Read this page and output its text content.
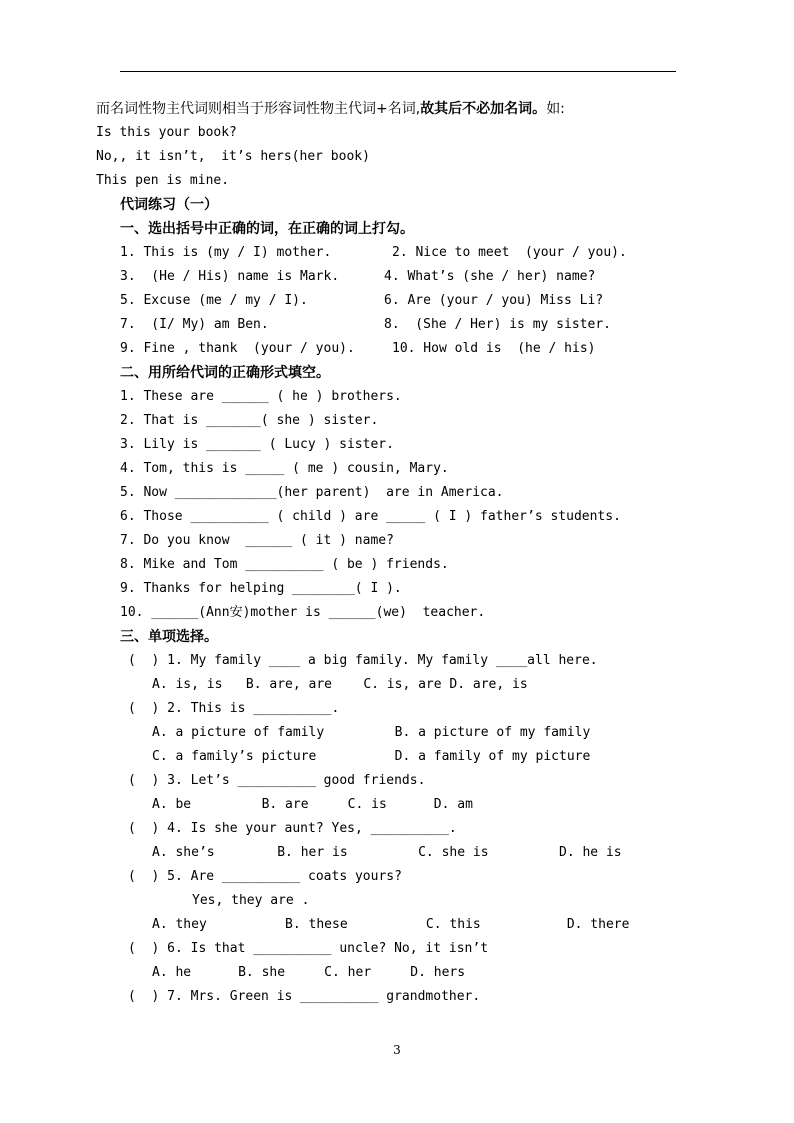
而名词性物主代词则相当于形容词性物主代词+名词,故其后不必加名词。如:
Is this your book?
No,, it isn’t,  it’s hers(her book)
This pen is mine.
代词练习（一）
一、选出括号中正确的词，在正确的词上打勾。
1. This is (my / I) mother.	2. Nice to meet  (your / you).
3.  (He / His) name is Mark.	4. What’s (she / her) name?
5. Excuse (me / my / I).	6. Are (your / you) Miss Li?
7.  (I/ My) am Ben.	8.  (She / Her) is my sister.
9. Fine , thank  (your / you).	10. How old is  (he / his)
二、用所给代词的正确形式填空。
1. These are ______ ( he ) brothers.
2. That is _______( she ) sister.
3. Lily is _______ ( Lucy ) sister.
4. Tom, this is _____ ( me ) cousin, Mary.
5. Now _____________(her parent)  are in America.
6. Those __________ ( child ) are _____ ( I ) father’s students.
7. Do you know  ______ ( it ) name?
8. Mike and Tom __________ ( be ) friends.
9. Thanks for helping ________( I ).
10. ______(Ann安)mother is ______(we)  teacher.
三、单项选择。
(  ) 1. My family ____ a big family. My family ____all here.
A. is, is   B. are, are    C. is, are D. are, is
(  ) 2. This is __________.
A. a picture of family         B. a picture of my family
C. a family’s picture          D. a family of my picture
(  ) 3. Let’s __________ good friends.
A. be         B. are     C. is      D. am
(  ) 4. Is she your aunt? Yes, __________.
A. she’s        B. her is         C. she is         D. he is
(  ) 5. Are __________ coats yours?
Yes, they are .
A. they          B. these          C. this           D. there
(  ) 6. Is that __________ uncle? No, it isn’t
A. he      B. she     C. her     D. hers
(  ) 7. Mrs. Green is __________ grandmother.
3
